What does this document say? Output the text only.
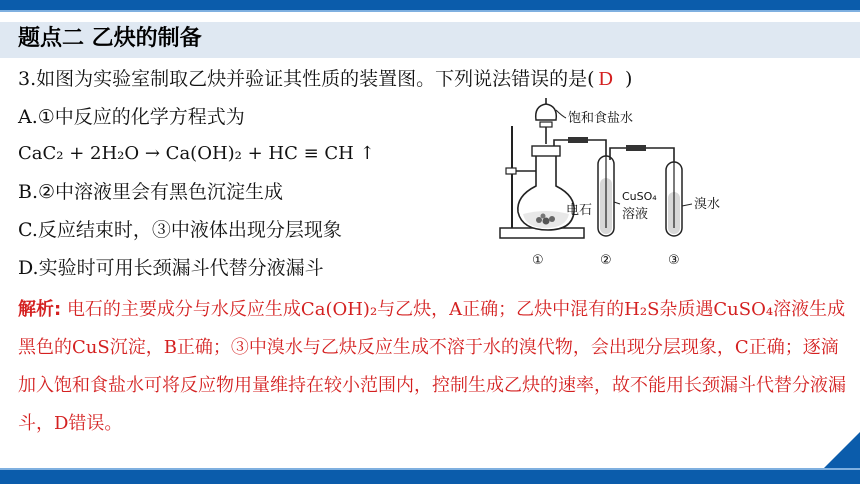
题点二 乙炔的制备
3.如图为实验室制取乙炔并验证其性质的装置图。下列说法错误的是( D )
A.①中反应的化学方程式为
CaC₂ + 2H₂O → Ca(OH)₂ + HC ≡ CH ↑
B.②中溶液里会有黑色沉淀生成
C.反应结束时，③中液体出现分层现象
D.实验时可用长颈漏斗代替分液漏斗
饱和食盐水
电石
CuSO₄
溶液
溴水
①	②	③
解析: 电石的主要成分与水反应生成Ca(OH)₂与乙炔，A正确；乙炔中混有的H₂S杂质遇CuSO₄溶液生成黑色的CuS沉淀，B正确；③中溴水与乙炔反应生成不溶于水的溴代物，会出现分层现象，C正确；逐滴加入饱和食盐水可将反应物用量维持在较小范围内，控制生成乙炔的速率，故不能用长颈漏斗代替分液漏斗，D错误。
